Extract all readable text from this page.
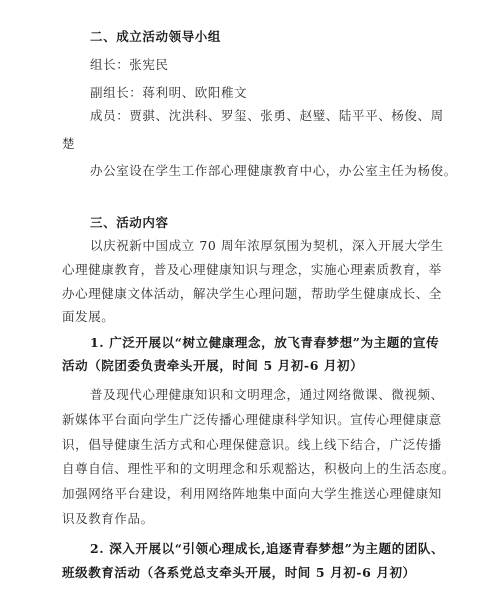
二、成立活动领导小组
组长：张宪民
副组长：蒋利明、欧阳稚文
成员：贾骐、沈洪科、罗玺、张勇、赵璧、陆平平、杨俊、周
楚
办公室设在学生工作部心理健康教育中心，办公室主任为杨俊。
三、活动内容
以庆祝新中国成立 70 周年浓厚氛围为契机，深入开展大学生
心理健康教育，普及心理健康知识与理念，实施心理素质教育，举
办心理健康文体活动，解决学生心理问题，帮助学生健康成长、全
面发展。
1. 广泛开展以“树立健康理念，放飞青春梦想”为主题的宣传
活动（院团委负责牵头开展，时间 5 月初-6 月初）
普及现代心理健康知识和文明理念，通过网络微课、微视频、
新媒体平台面向学生广泛传播心理健康科学知识。宣传心理健康意
识，倡导健康生活方式和心理保健意识。线上线下结合，广泛传播
自尊自信、理性平和的文明理念和乐观豁达，积极向上的生活态度。
加强网络平台建设，利用网络阵地集中面向大学生推送心理健康知
识及教育作品。
2. 深入开展以“引领心理成长,追逐青春梦想”为主题的团队、
班级教育活动（各系党总支牵头开展，时间 5 月初-6 月初）
